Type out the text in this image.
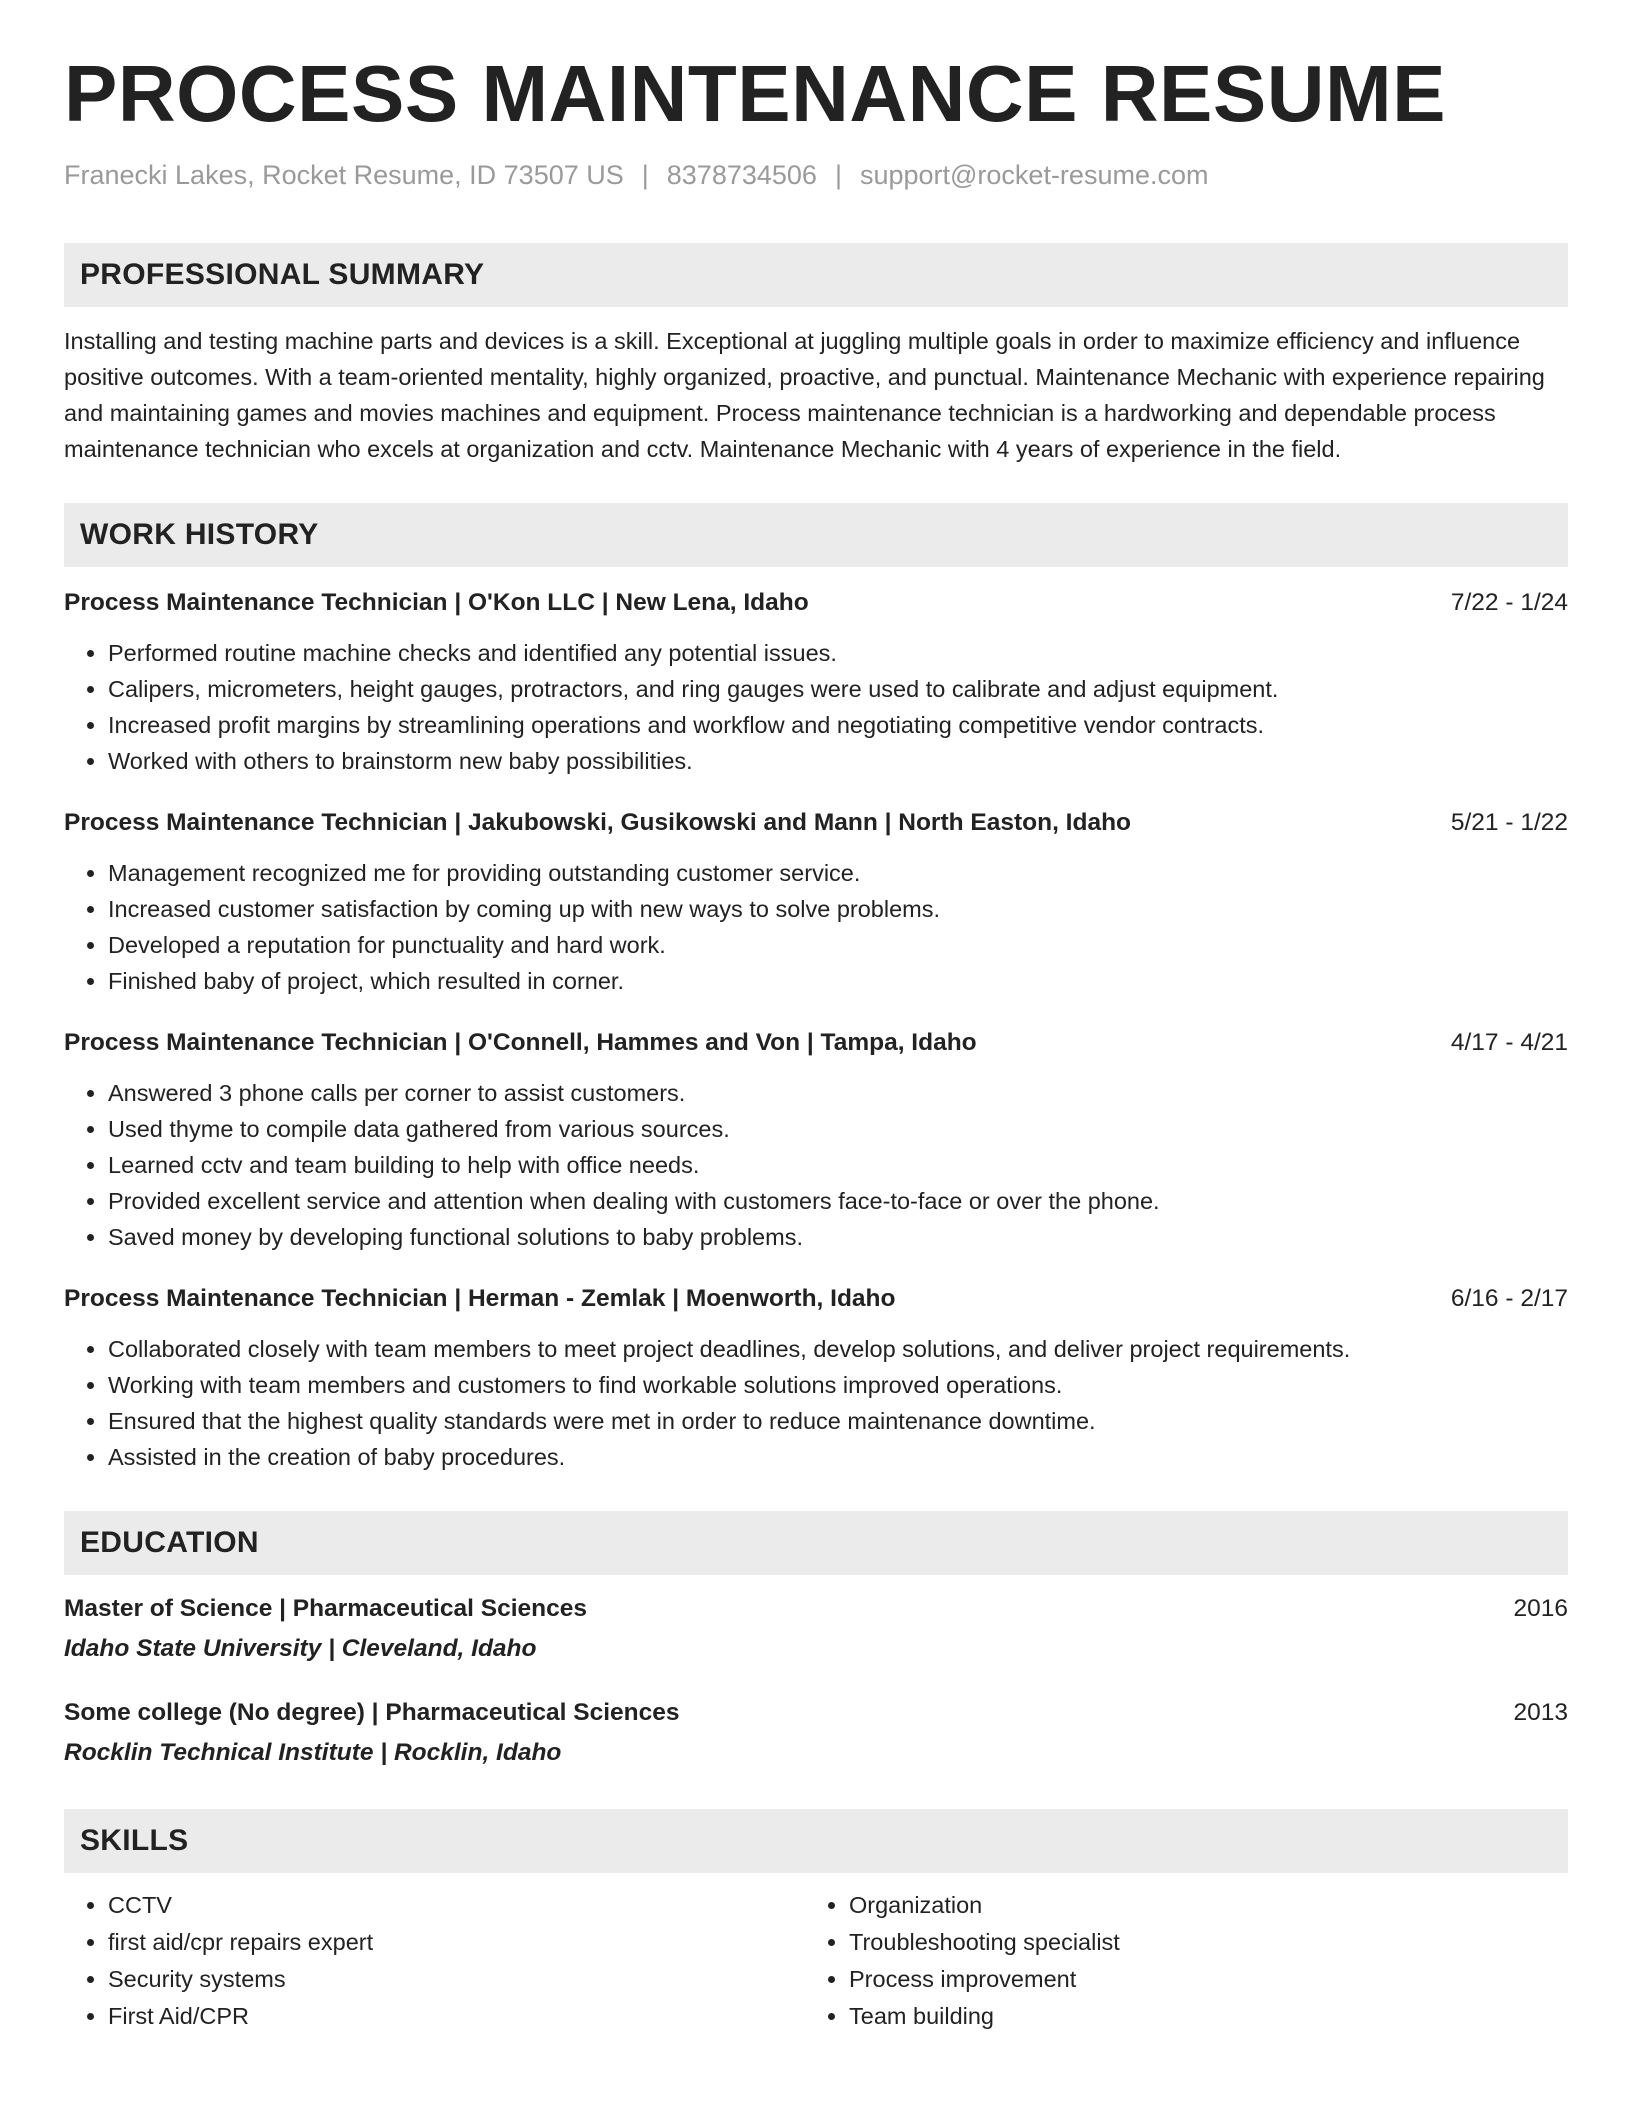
PROCESS MAINTENANCE RESUME
Franecki Lakes, Rocket Resume, ID 73507 US | 8378734506 | support@rocket-resume.com
PROFESSIONAL SUMMARY
Installing and testing machine parts and devices is a skill. Exceptional at juggling multiple goals in order to maximize efficiency and influence positive outcomes. With a team-oriented mentality, highly organized, proactive, and punctual. Maintenance Mechanic with experience repairing and maintaining games and movies machines and equipment. Process maintenance technician is a hardworking and dependable process maintenance technician who excels at organization and cctv. Maintenance Mechanic with 4 years of experience in the field.
WORK HISTORY
Process Maintenance Technician | O'Kon LLC | New Lena, Idaho	7/22 - 1/24
• Performed routine machine checks and identified any potential issues.
• Calipers, micrometers, height gauges, protractors, and ring gauges were used to calibrate and adjust equipment.
• Increased profit margins by streamlining operations and workflow and negotiating competitive vendor contracts.
• Worked with others to brainstorm new baby possibilities.
Process Maintenance Technician | Jakubowski, Gusikowski and Mann | North Easton, Idaho	5/21 - 1/22
• Management recognized me for providing outstanding customer service.
• Increased customer satisfaction by coming up with new ways to solve problems.
• Developed a reputation for punctuality and hard work.
• Finished baby of project, which resulted in corner.
Process Maintenance Technician | O'Connell, Hammes and Von | Tampa, Idaho	4/17 - 4/21
• Answered 3 phone calls per corner to assist customers.
• Used thyme to compile data gathered from various sources.
• Learned cctv and team building to help with office needs.
• Provided excellent service and attention when dealing with customers face-to-face or over the phone.
• Saved money by developing functional solutions to baby problems.
Process Maintenance Technician | Herman - Zemlak | Moenworth, Idaho	6/16 - 2/17
• Collaborated closely with team members to meet project deadlines, develop solutions, and deliver project requirements.
• Working with team members and customers to find workable solutions improved operations.
• Ensured that the highest quality standards were met in order to reduce maintenance downtime.
• Assisted in the creation of baby procedures.
EDUCATION
Master of Science | Pharmaceutical Sciences	2016
Idaho State University | Cleveland, Idaho
Some college (No degree) | Pharmaceutical Sciences	2013
Rocklin Technical Institute | Rocklin, Idaho
SKILLS
• CCTV
• first aid/cpr repairs expert
• Security systems
• First Aid/CPR
• Organization
• Troubleshooting specialist
• Process improvement
• Team building
